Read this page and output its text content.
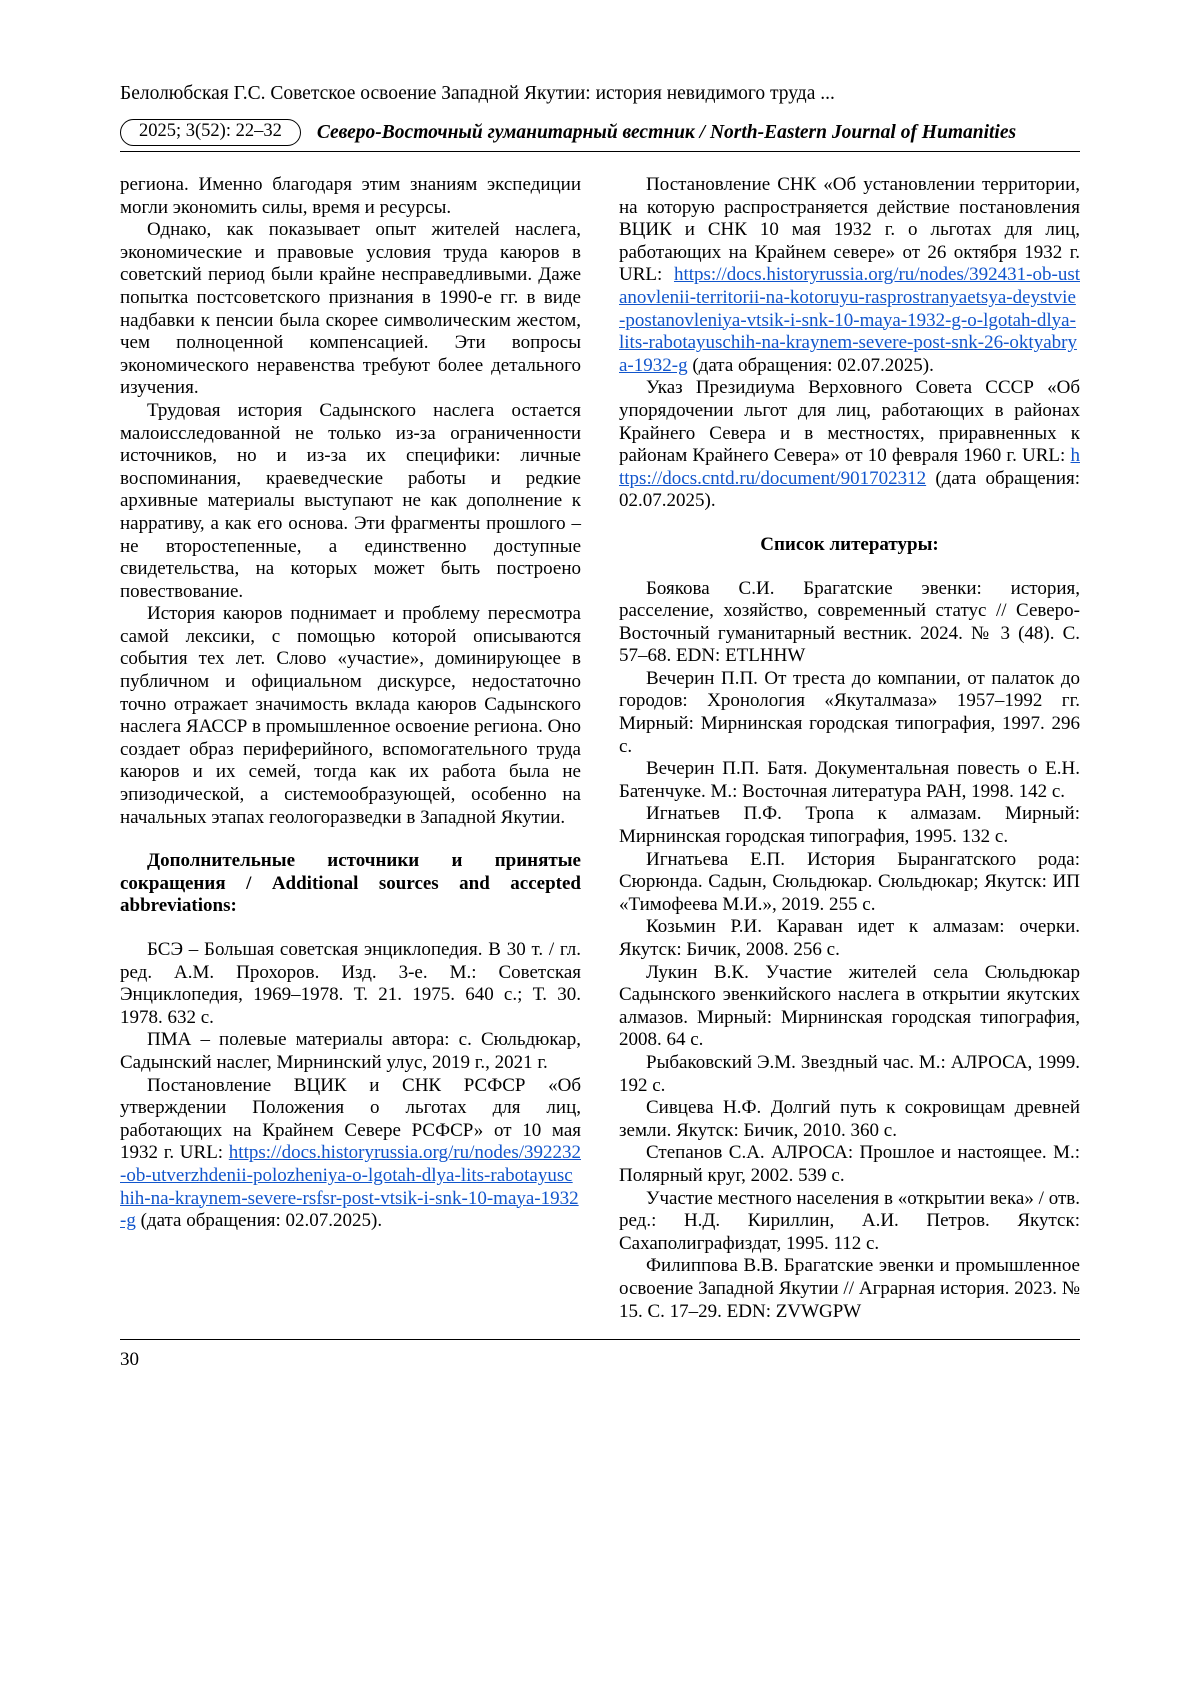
Белолюбская Г.С. Советское освоение Западной Якутии: история невидимого труда ...
2025; 3(52): 22–32	Северо-Восточный гуманитарный вестник / North-Eastern Journal of Humanities

региона. Именно благодаря этим знаниям экспедиции могли экономить силы, время и ресурсы.

Однако, как показывает опыт жителей наслега, экономические и правовые условия труда каюров в советский период были крайне несправедливыми. Даже попытка постсоветского признания в 1990-е гг. в виде надбавки к пенсии была скорее символическим жестом, чем полноценной компенсацией. Эти вопросы экономического неравенства требуют более детального изучения.

Трудовая история Садынского наслега остается малоисследованной не только из-за ограниченности источников, но и из-за их специфики: личные воспоминания, краеведческие работы и редкие архивные материалы выступают не как дополнение к нарративу, а как его основа. Эти фрагменты прошлого – не второстепенные, а единственно доступные свидетельства, на которых может быть построено повествование.

История каюров поднимает и проблему пересмотра самой лексики, с помощью которой описываются события тех лет. Слово «участие», доминирующее в публичном и официальном дискурсе, недостаточно точно отражает значимость вклада каюров Садынского наслега ЯАССР в промышленное освоение региона. Оно создает образ периферийного, вспомогательного труда каюров и их семей, тогда как их работа была не эпизодической, а системообразующей, особенно на начальных этапах геологоразведки в Западной Якутии.

Дополнительные источники и принятые сокращения / Additional sources and accepted abbreviations:

БСЭ – Большая советская энциклопедия. В 30 т. / гл. ред. А.М. Прохоров. Изд. 3-е. М.: Советская Энциклопедия, 1969–1978. Т. 21. 1975. 640 с.; Т. 30. 1978. 632 с.

ПМА – полевые материалы автора: с. Сюльдюкар, Садынский наслег, Мирнинский улус, 2019 г., 2021 г.

Постановление ВЦИК и СНК РСФСР «Об утверждении Положения о льготах для лиц, работающих на Крайнем Севере РСФСР» от 10 мая 1932 г. URL: https://docs.historyrussia.org/ru/nodes/392232-ob-utverzhdenii-polozheniya-o-lgotah-dlya-lits-rabotayuschih-na-kraynem-severe-rsfsr-post-vtsik-i-snk-10-maya-1932-g (дата обращения: 02.07.2025).

Постановление СНК «Об установлении территории, на которую распространяется действие постановления ВЦИК и СНК 10 мая 1932 г. о льготах для лиц, работающих на Крайнем севере» от 26 октября 1932 г. URL: https://docs.historyrussia.org/ru/nodes/392431-ob-ustanovlenii-territorii-na-kotoruyu-rasprostranyaetsya-deystvie-postanovleniya-vtsik-i-snk-10-maya-1932-g-o-lgotah-dlya-lits-rabotayuschih-na-kraynem-severe-post-snk-26-oktyabrya-1932-g (дата обращения: 02.07.2025).

Указ Президиума Верховного Совета СССР «Об упорядочении льгот для лиц, работающих в районах Крайнего Севера и в местностях, приравненных к районам Крайнего Севера» от 10 февраля 1960 г. URL: https://docs.cntd.ru/document/901702312 (дата обращения: 02.07.2025).

Список литературы:

Боякова С.И. Брагатские эвенки: история, расселение, хозяйство, современный статус // Северо-Восточный гуманитарный вестник. 2024. № 3 (48). С. 57–68. EDN: ETLHHW

Вечерин П.П. От треста до компании, от палаток до городов: Хронология «Якуталмаза» 1957–1992 гг. Мирный: Мирнинская городская типография, 1997. 296 с.

Вечерин П.П. Батя. Документальная повесть о Е.Н. Батенчуке. М.: Восточная литература РАН, 1998. 142 с.

Игнатьев П.Ф. Тропа к алмазам. Мирный: Мирнинская городская типография, 1995. 132 с.

Игнатьева Е.П. История Бырангатского рода: Сюрюнда. Садын, Сюльдюкар. Сюльдюкар; Якутск: ИП «Тимофеева М.И.», 2019. 255 с.

Козьмин Р.И. Караван идет к алмазам: очерки. Якутск: Бичик, 2008. 256 с.

Лукин В.К. Участие жителей села Сюльдюкар Садынского эвенкийского наслега в открытии якутских алмазов. Мирный: Мирнинская городская типография, 2008. 64 с.

Рыбаковский Э.М. Звездный час. М.: АЛРОСА, 1999. 192 с.

Сивцева Н.Ф. Долгий путь к сокровищам древней земли. Якутск: Бичик, 2010. 360 с.

Степанов С.А. АЛРОСА: Прошлое и настоящее. М.: Полярный круг, 2002. 539 с.

Участие местного населения в «открытии века» / отв. ред.: Н.Д. Кириллин, А.И. Петров. Якутск: Сахаполиграфиздат, 1995. 112 с.

Филиппова В.В. Брагатские эвенки и промышленное освоение Западной Якутии // Аграрная история. 2023. № 15. С. 17–29. EDN: ZVWGPW

30
